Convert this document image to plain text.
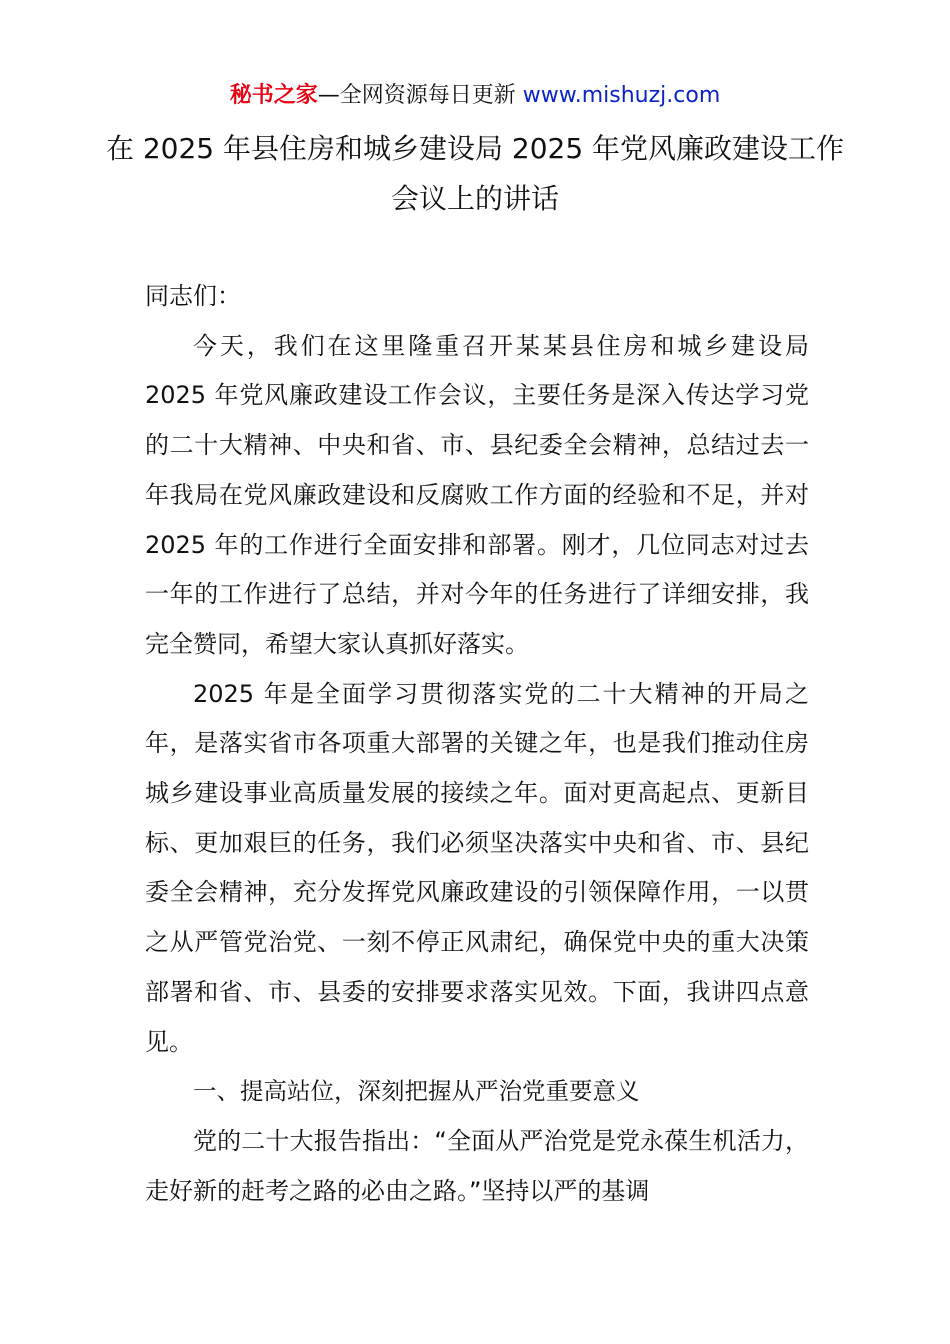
秘书之家—全网资源每日更新 www.mishuzj.com
在 2025 年县住房和城乡建设局 2025 年党风廉政建设工作会议上的讲话

同志们：

今天，我们在这里隆重召开某某县住房和城乡建设局 2025 年党风廉政建设工作会议，主要任务是深入传达学习党的二十大精神、中央和省、市、县纪委全会精神，总结过去一年我局在党风廉政建设和反腐败工作方面的经验和不足，并对 2025 年的工作进行全面安排和部署。刚才，几位同志对过去一年的工作进行了总结，并对今年的任务进行了详细安排，我完全赞同，希望大家认真抓好落实。

2025 年是全面学习贯彻落实党的二十大精神的开局之年，是落实省市各项重大部署的关键之年，也是我们推动住房城乡建设事业高质量发展的接续之年。面对更高起点、更新目标、更加艰巨的任务，我们必须坚决落实中央和省、市、县纪委全会精神，充分发挥党风廉政建设的引领保障作用，一以贯之从严管党治党、一刻不停正风肃纪，确保党中央的重大决策部署和省、市、县委的安排要求落实见效。下面，我讲四点意见。

一、提高站位，深刻把握从严治党重要意义

党的二十大报告指出：“全面从严治党是党永葆生机活力，走好新的赶考之路的必由之路。”坚持以严的基调
